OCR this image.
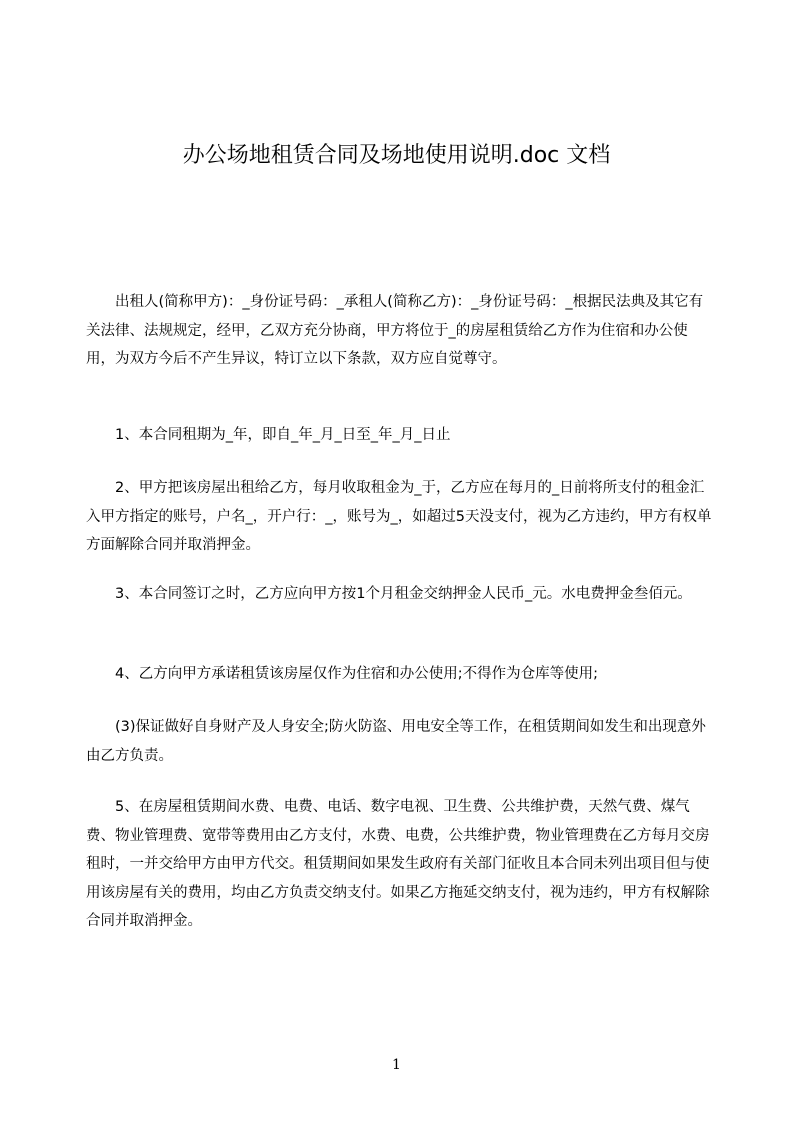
办公场地租赁合同及场地使用说明.doc 文档

出租人(简称甲方)：_身份证号码：_承租人(简称乙方)：_身份证号码：_根据民法典及其它有关法律、法规规定，经甲，乙双方充分协商，甲方将位于_的房屋租赁给乙方作为住宿和办公使用，为双方今后不产生异议，特订立以下条款，双方应自觉尊守。

1、本合同租期为_年，即自_年_月_日至_年_月_日止

2、甲方把该房屋出租给乙方，每月收取租金为_于，乙方应在每月的_日前将所支付的租金汇入甲方指定的账号，户名_，开户行：_，账号为_，如超过5天没支付，视为乙方违约，甲方有权单方面解除合同并取消押金。

3、本合同签订之时，乙方应向甲方按1个月租金交纳押金人民币_元。水电费押金叁佰元。

4、乙方向甲方承诺租赁该房屋仅作为住宿和办公使用;不得作为仓库等使用;

(3)保证做好自身财产及人身安全;防火防盗、用电安全等工作，在租赁期间如发生和出现意外由乙方负责。

5、在房屋租赁期间水费、电费、电话、数字电视、卫生费、公共维护费，天然气费、煤气费、物业管理费、宽带等费用由乙方支付，水费、电费，公共维护费，物业管理费在乙方每月交房租时，一并交给甲方由甲方代交。租赁期间如果发生政府有关部门征收且本合同未列出项目但与使用该房屋有关的费用，均由乙方负责交纳支付。如果乙方拖延交纳支付，视为违约，甲方有权解除合同并取消押金。

1
